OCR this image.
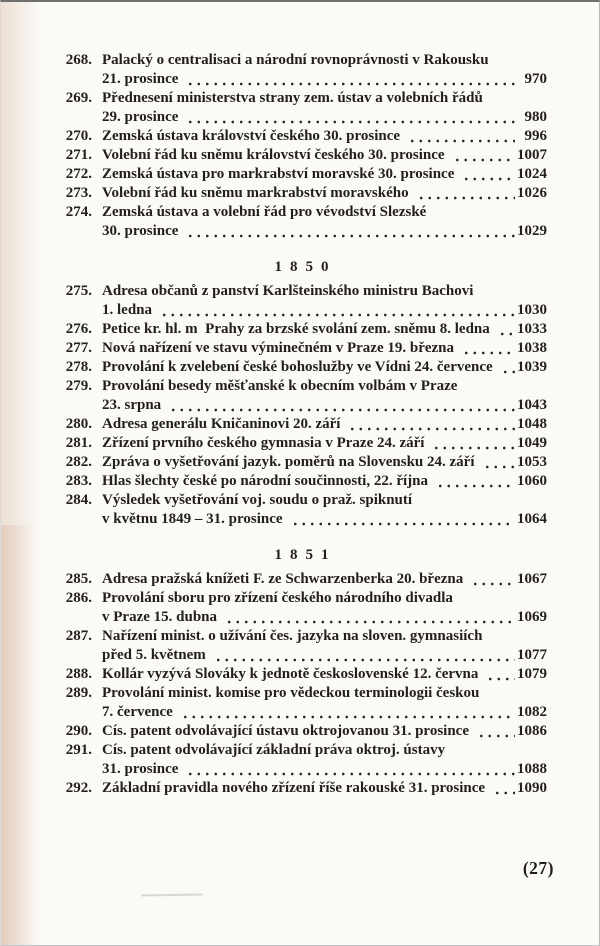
268. Palacký o centralisaci a národní rovnoprávnosti v Rakousku
21. prosince	970
269. Přednesení ministerstva strany zem. ústav a volebních řádů
29. prosince	980
270. Zemská ústava království českého 30. prosince	996
271. Volební řád ku sněmu království českého 30. prosince	1007
272. Zemská ústava pro markrabství moravské 30. prosince	1024
273. Volební řád ku sněmu markrabství moravského	1026
274. Zemská ústava a volební řád pro vévodství Slezské
30. prosince	1029
1850
275. Adresa občanů z panství Karlšteinského ministru Bachovi
1. ledna	1030
276. Petice kr. hl. m Prahy za brzské svolání zem. sněmu 8. ledna 1033
277. Nová nařízení ve stavu výminečném v Praze 19. března	1038
278. Provolání k zvelebení české bohoslužby ve Vídni 24. července 1039
279. Provolání besedy měšťanské k obecním volbám v Praze
23. srpna	1043
280. Adresa generálu Kničaninovi 20. září	1048
281. Zřízení prvního českého gymnasia v Praze 24. září	1049
282. Zpráva o vyšetřování jazyk. poměrů na Slovensku 24. září	1053
283. Hlas šlechty české po národní součinnosti, 22. října	1060
284. Výsledek vyšetřování voj. soudu o praž. spiknutí
v květnu 1849 – 31. prosince	1064
1851
285. Adresa pražská knížeti F. ze Schwarzenberka 20. března	1067
286. Provolání sboru pro zřízení českého národního divadla
v Praze 15. dubna	1069
287. Nařízení minist. o užívání čes. jazyka na sloven. gymnasiích
před 5. květnem	1077
288. Kollár vyzývá Slováky k jednotě československé 12. června	1079
289. Provolání minist. komise pro vědeckou terminologii českou
7. července	1082
290. Cís. patent odvolávající ústavu oktrojovanou 31. prosince	1086
291. Cís. patent odvolávající základní práva oktroj. ústavy
31. prosince	1088
292. Základní pravidla nového zřízení říše rakouské 31. prosince 1090
(27)
